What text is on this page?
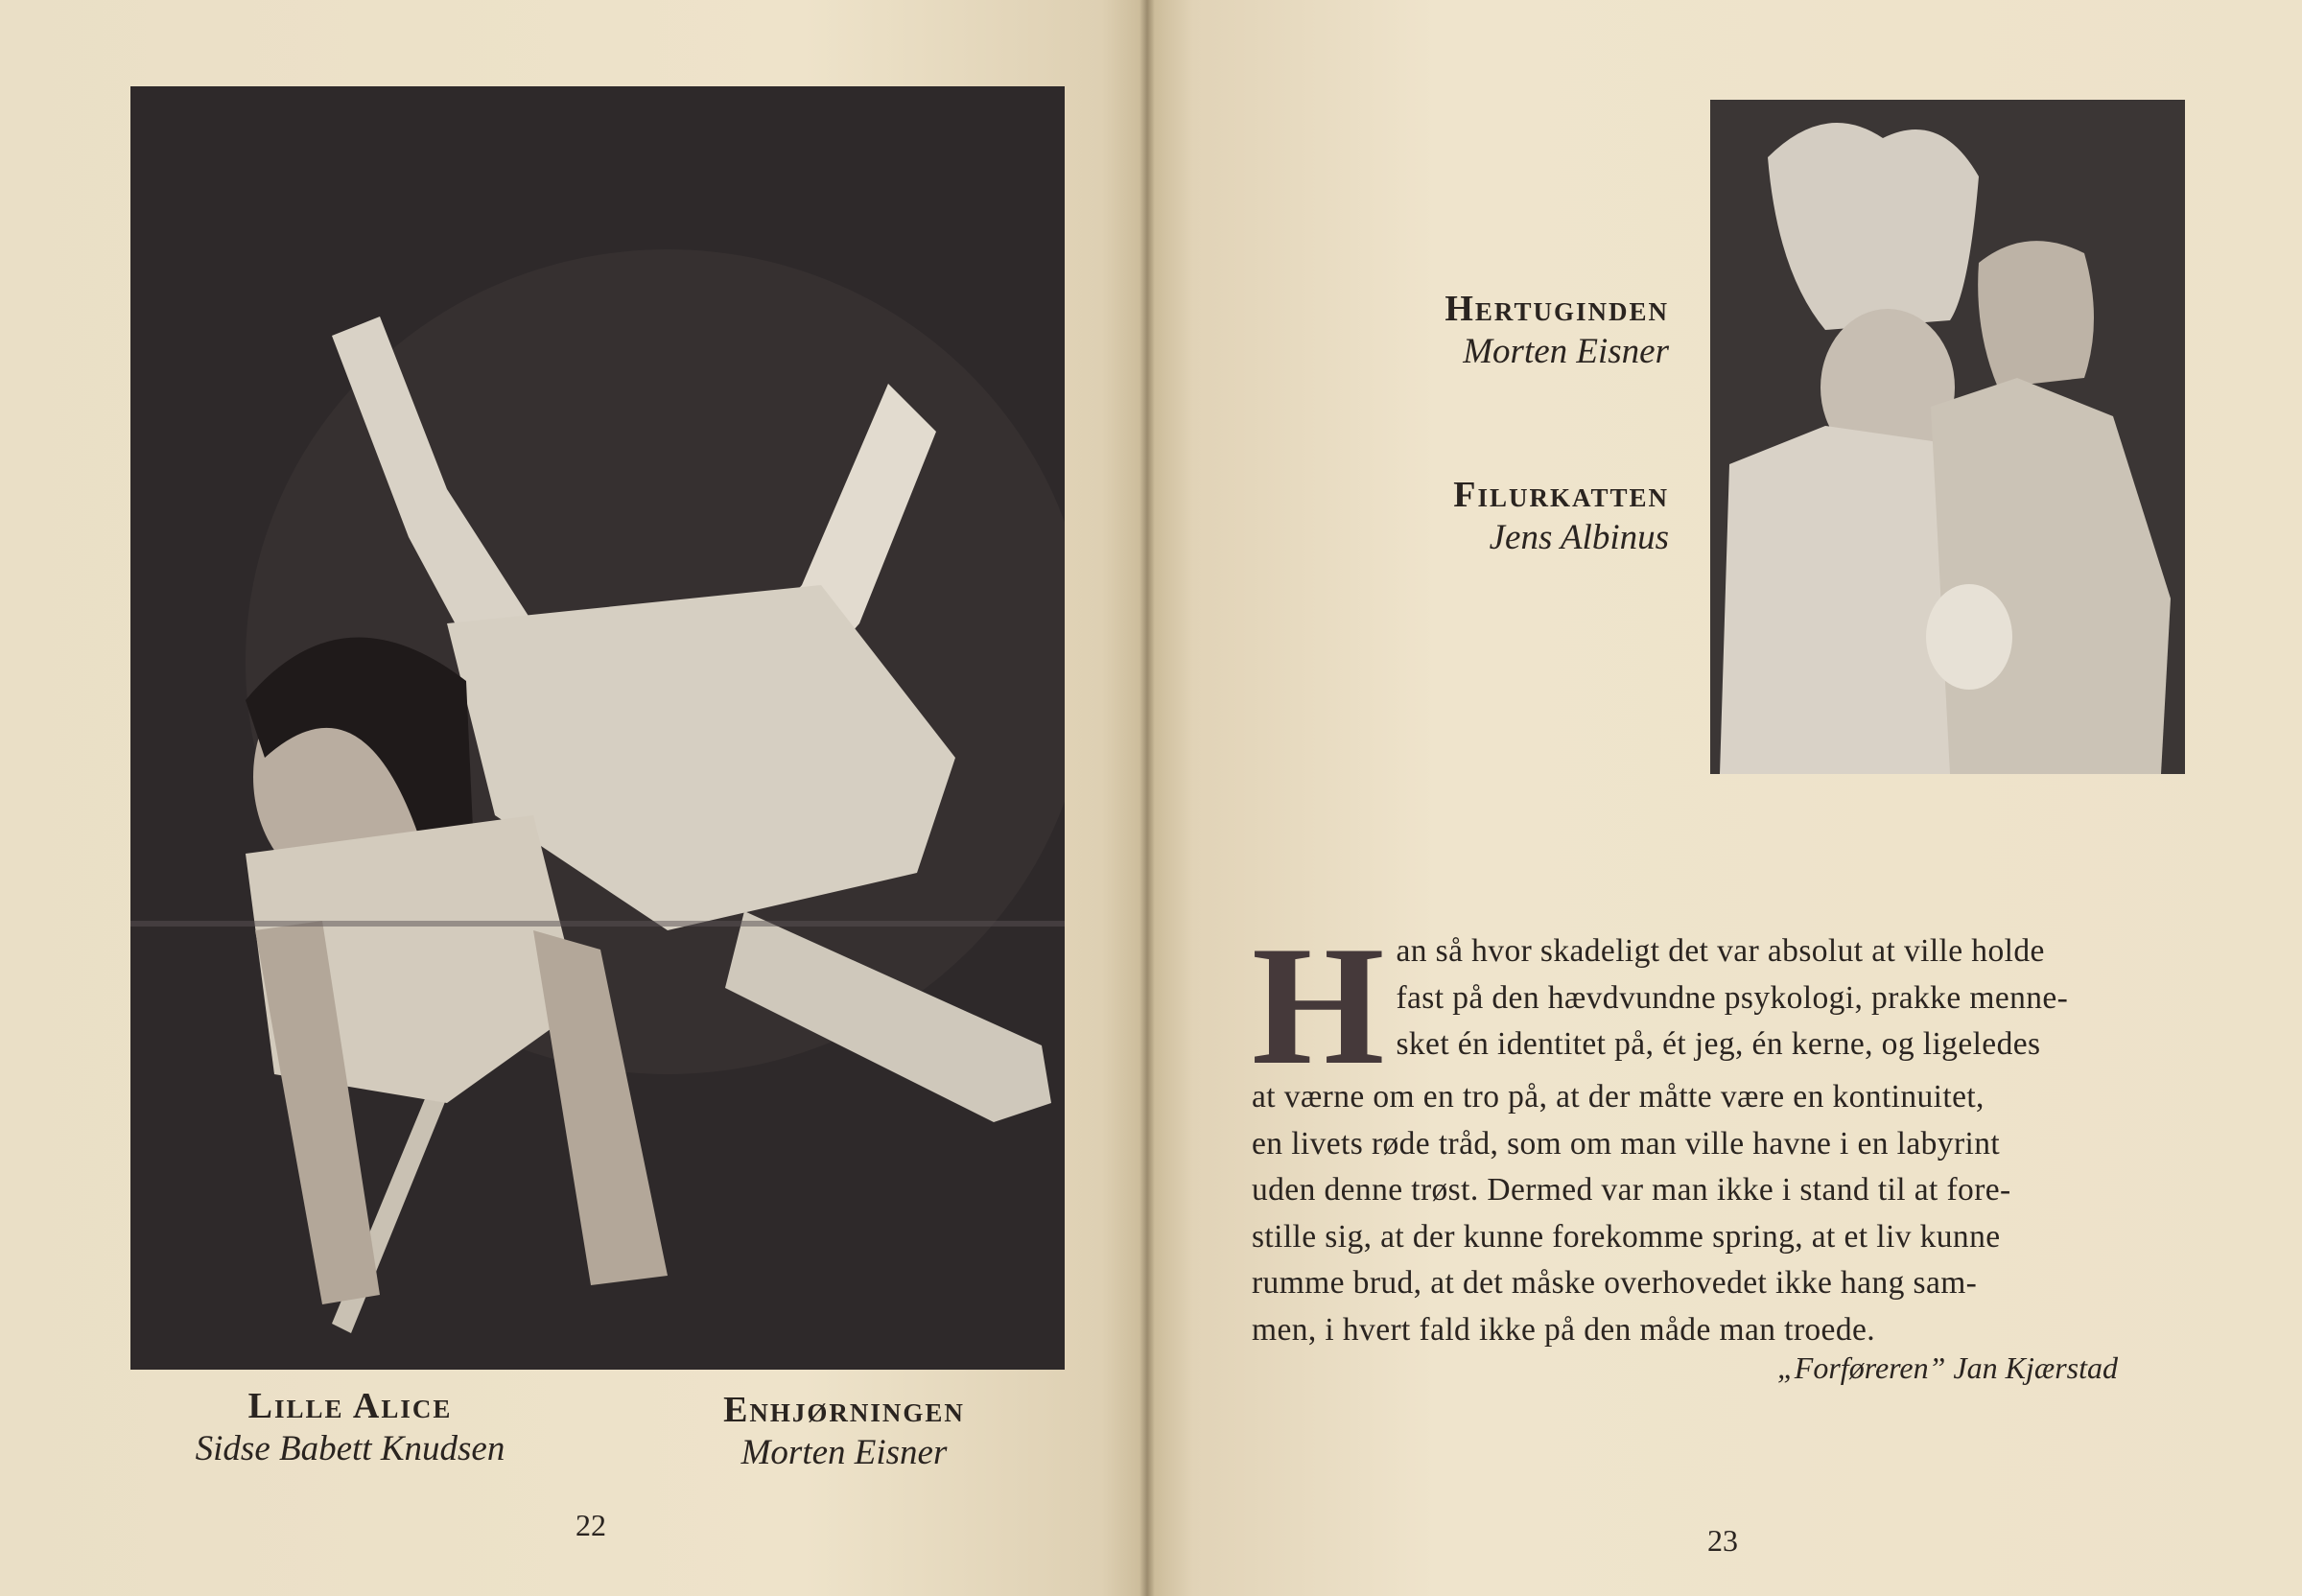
Lille Alice
Sidse Babett Knudsen
Enhjørningen
Morten Eisner
22
Hertuginden
Morten Eisner
Filurkatten
Jens Albinus
H an så hvor skadeligt det var absolut at ville holde
fast på den hævdvundne psykologi, prakke menne-
sket én identitet på, ét jeg, én kerne, og ligeledes
at værne om en tro på, at der måtte være en kontinuitet,
en livets røde tråd, som om man ville havne i en labyrint
uden denne trøst. Dermed var man ikke i stand til at fore-
stille sig, at der kunne forekomme spring, at et liv kunne
rumme brud, at det måske overhovedet ikke hang sam-
men, i hvert fald ikke på den måde man troede.
„Forføreren” Jan Kjærstad
23
